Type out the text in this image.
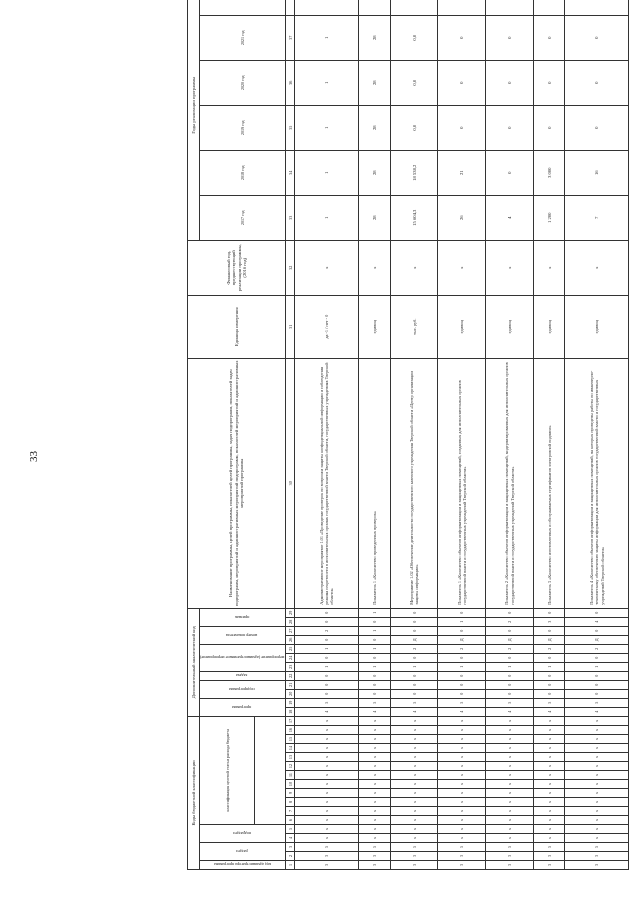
33
Коды бюджетной классификации																	Дополнительный аналитический код												Наименование программы, целей программы, показателей целей программы, задач подпрограмм, показателей задач подпрограмм, мероприятий и административных мероприятий подпрограмм, показателей мероприятий и административных мероприятий программы	Единица измерения	Финансовый год, предшествующий реализации программы, (2016 год)	Годы реализации программы	
код администратора программы	раздел		подраздел		классификация целевой статьи расхода бюджета												программа		подпрограмма		задача	мероприятие (административное мероприятие)			номер показателя		признак					2017 год	2018 год	2019 год	2020 год	2021 год		

1	2	3	4	5	6	7	8	9	10	11	12	13	14	15	16	17	18	19	20	21	22	23	24	25	26	27	28	29	30	31	32	33	34	35	36	37	
3	3	5	х	х	х	х	х	х	х	х	х	х	х	х	х	х	4	5	0	0	0	1	0	1	0	2	0	0	Административное мероприятие 1.01 «Проведение проверок по вопросам защиты конфиденциальной информации и соблюдения режима секретности в исполнительных органах государственной власти Тверской области, государственных учреждениях Тверской области»	да -1 / нет - 0	х	1	1	1	1	1		
3	3	5	х	х	х	х	х	х	х	х	х	х	х	х	х	х	4	5	0	0	0	1	0	1	0	1	0	1	Показатель 1 «Количество проведенных проверок»	единиц	х	28	28	28	28	28		
3	3	5	х	х	х	х	х	х	х	х	х	х	х	х	х	х	4	5	0	0	0	1	0	2	Д	0	0	0	Мероприятие 1.02 «Обеспечение деятельности государственного казенного учреждения Тверской области «Центр организации защиты информации»	тыс. руб.	х	15 604,3	18 538,2	0,0	0,0	0,0		
3	3	5	х	х	х	х	х	х	х	х	х	х	х	х	х	х	4	5	0	0	0	1	0	2	Д	0	1	0	Показатель 1 «Количество объектов информатизации и защищенных помещений, созданных для исполнительных органов государственной власти и государственных учреждений Тверской области»	единиц	х	26	21	0	0	0		
3	3	5	х	х	х	х	х	х	х	х	х	х	х	х	х	х	4	5	0	0	0	1	0	2	Д	0	2	0	Показатель 2 «Количество объектов информатизации и защищенных помещений, модернизированных для исполнительных органов государственной власти и государственных учреждений Тверской области»	единиц	х	4	0	0	0	0		
3	3	5	х	х	х	х	х	х	х	х	х	х	х	х	х	х	4	5	0	0	0	1	0	2	Д	0	3	0	Показатель 3 «Количество изготовленных и обслуживаемых сертификатов электронной подписи»	единиц	х	1 200	3 000	0	0	0		
3	3	5	х	х	х	х	х	х	х	х	х	х	х	х	х	х	4	5	0	0	0	1	0	2	Д	0	4	0	Показатель 4 «Количество объектов информатизации и защищенных помещений, на которых проведены работы по инженерно-техническому обеспечению защиты информации для исполнительных органов государственной власти и государственных учреждений Тверской области»	единиц	х	7	16	0	0	0		
